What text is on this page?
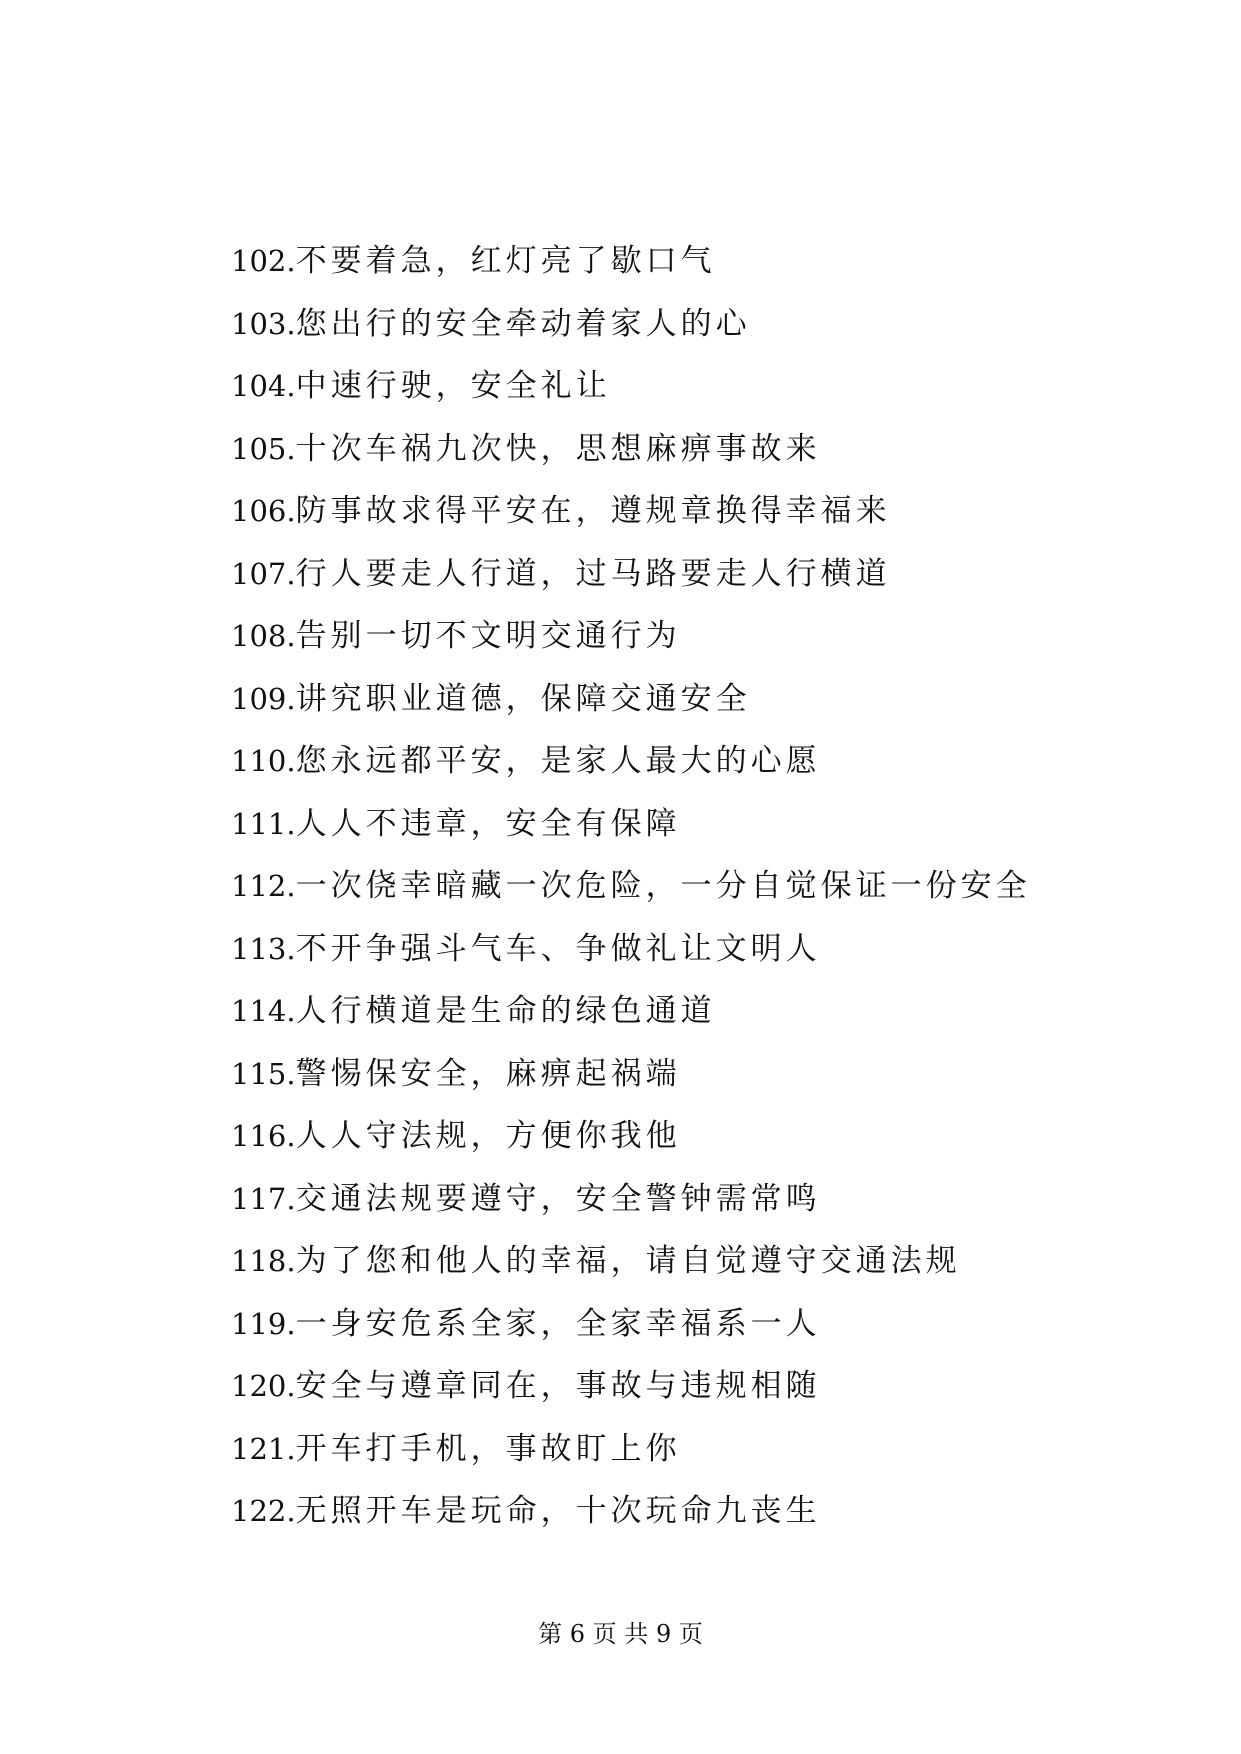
102.不要着急，红灯亮了歇口气
103.您出行的安全牵动着家人的心
104.中速行驶，安全礼让
105.十次车祸九次快，思想麻痹事故来
106.防事故求得平安在，遵规章换得幸福来
107.行人要走人行道，过马路要走人行横道
108.告别一切不文明交通行为
109.讲究职业道德，保障交通安全
110.您永远都平安，是家人最大的心愿
111.人人不违章，安全有保障
112.一次侥幸暗藏一次危险，一分自觉保证一份安全
113.不开争强斗气车、争做礼让文明人
114.人行横道是生命的绿色通道
115.警惕保安全，麻痹起祸端
116.人人守法规，方便你我他
117.交通法规要遵守，安全警钟需常鸣
118.为了您和他人的幸福，请自觉遵守交通法规
119.一身安危系全家，全家幸福系一人
120.安全与遵章同在，事故与违规相随
121.开车打手机，事故盯上你
122.无照开车是玩命，十次玩命九丧生
第 6 页 共 9 页
